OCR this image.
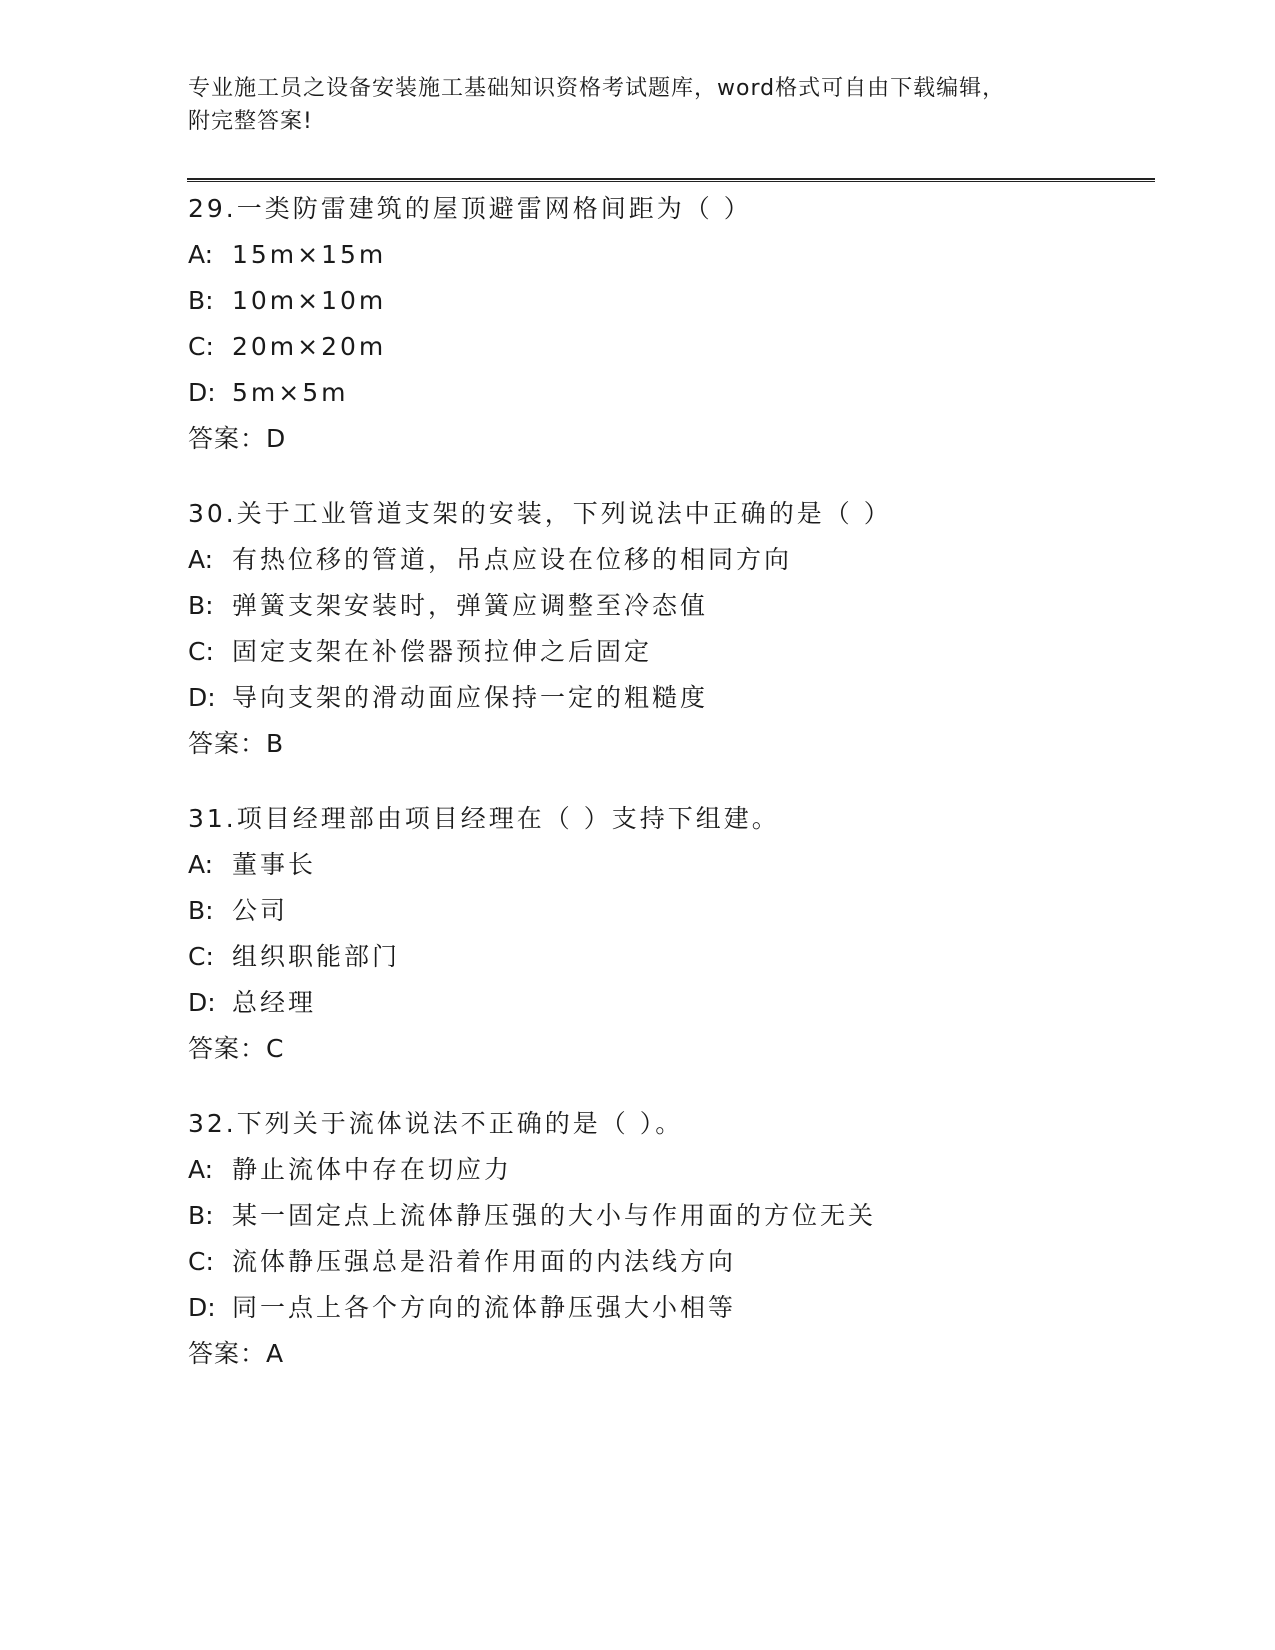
专业施工员之设备安装施工基础知识资格考试题库，word格式可自由下载编辑，
附完整答案!
29.一类防雷建筑的屋顶避雷网格间距为（ ）
A: 15m×15m
B: 10m×10m
C: 20m×20m
D: 5m×5m
答案：D
30.关于工业管道支架的安装，下列说法中正确的是（ ）
A: 有热位移的管道，吊点应设在位移的相同方向
B: 弹簧支架安装时，弹簧应调整至冷态值
C: 固定支架在补偿器预拉伸之后固定
D: 导向支架的滑动面应保持一定的粗糙度
答案：B
31.项目经理部由项目经理在（ ）支持下组建。
A: 董事长
B: 公司
C: 组织职能部门
D: 总经理
答案：C
32.下列关于流体说法不正确的是（ ）。
A: 静止流体中存在切应力
B: 某一固定点上流体静压强的大小与作用面的方位无关
C: 流体静压强总是沿着作用面的内法线方向
D: 同一点上各个方向的流体静压强大小相等
答案：A
